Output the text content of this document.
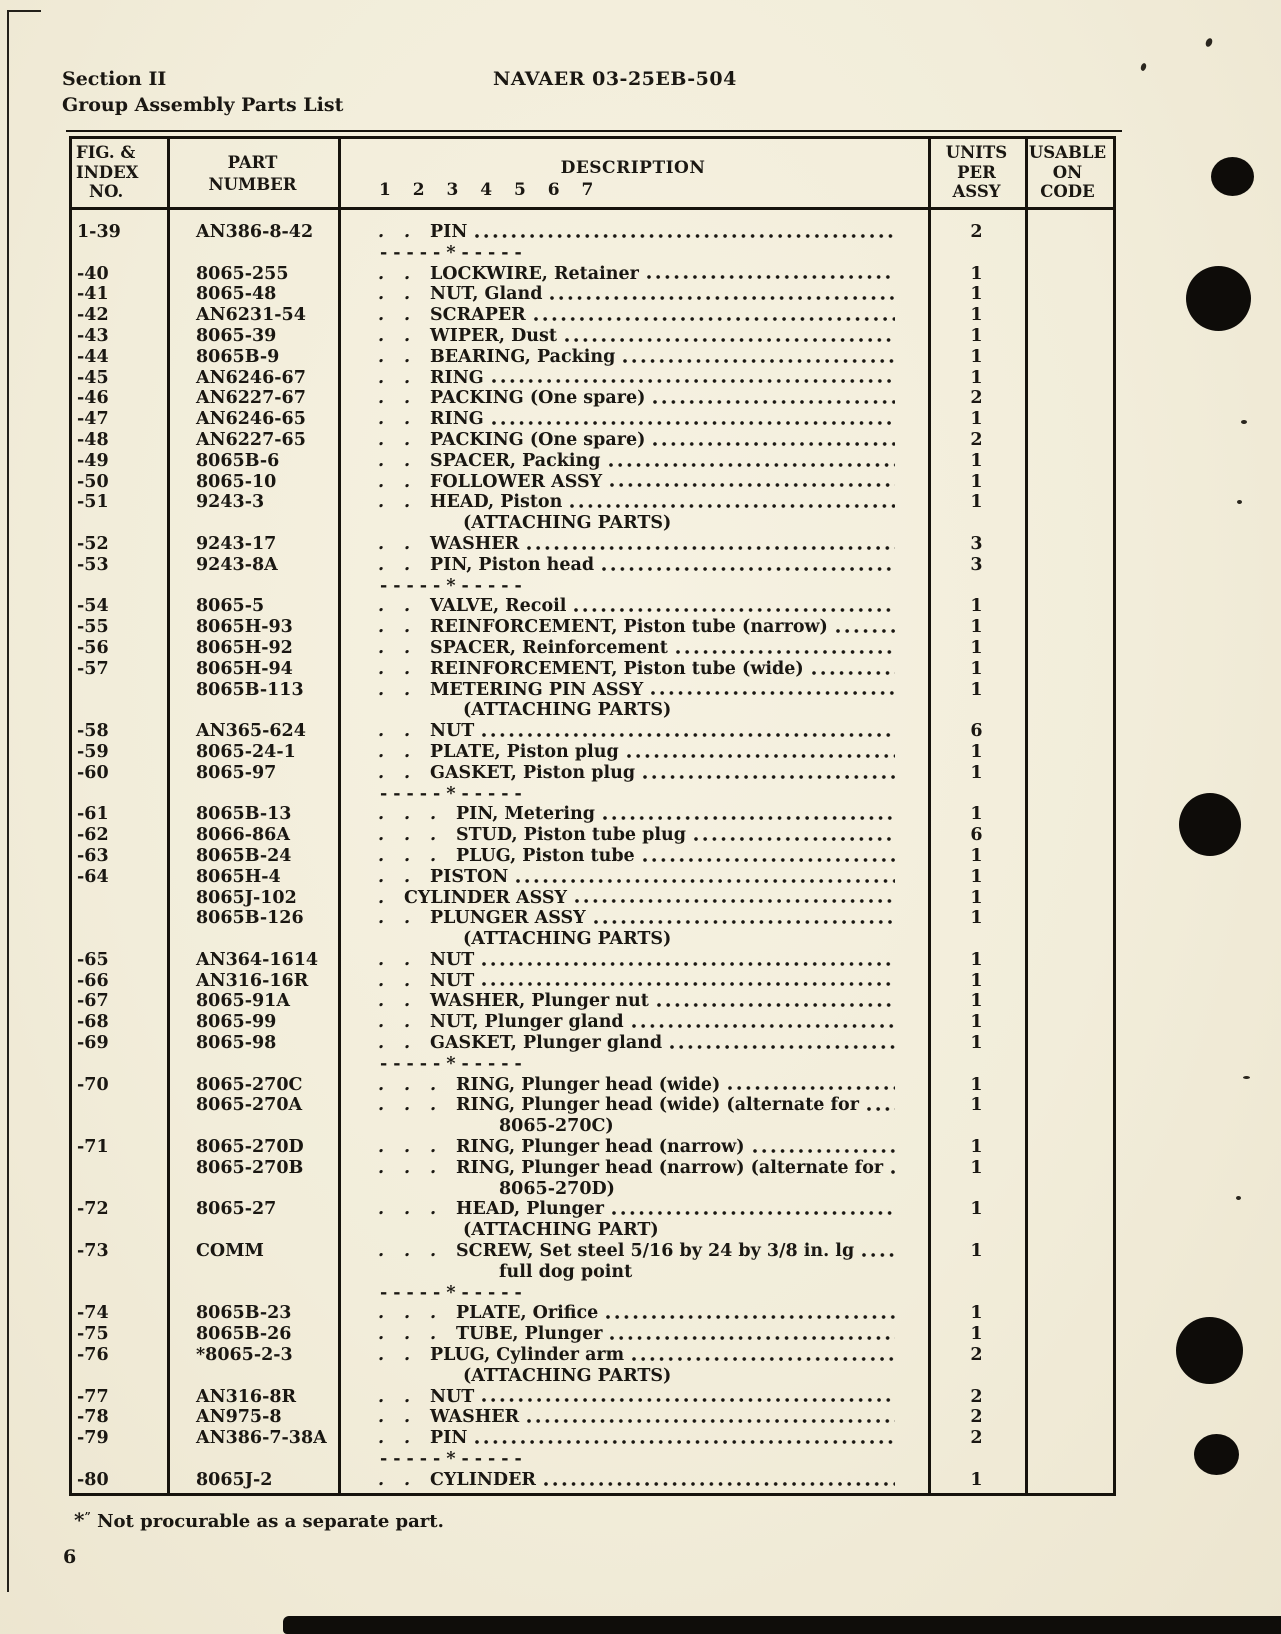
Section II
Group Assembly Parts List
NAVAER 03-25EB-504
FIG. &
INDEX
NO.
PART
NUMBER
DESCRIPTION
1 2 3 4 5 6 7
UNITS
PER
ASSY
USABLE
ON
CODE
1-39	AN386-8-42	. .	PIN	2
-----*-----
-40	8065-255	. .	LOCKWIRE, Retainer	1
-41	8065-48	. .	NUT, Gland	1
-42	AN6231-54	. .	SCRAPER	1
-43	8065-39	. .	WIPER, Dust	1
-44	8065B-9	. .	BEARING, Packing	1
-45	AN6246-67	. .	RING	1
-46	AN6227-67	. .	PACKING (One spare)	2
-47	AN6246-65	. .	RING	1
-48	AN6227-65	. .	PACKING (One spare)	2
-49	8065B-6	. .	SPACER, Packing	1
-50	8065-10	. .	FOLLOWER ASSY	1
-51	9243-3	. .	HEAD, Piston	1
(ATTACHING PARTS)
-52	9243-17	. .	WASHER	3
-53	9243-8A	. .	PIN, Piston head	3
-----*-----
-54	8065-5	. .	VALVE, Recoil	1
-55	8065H-93	. .	REINFORCEMENT, Piston tube (narrow)	1
-56	8065H-92	. .	SPACER, Reinforcement	1
-57	8065H-94	. .	REINFORCEMENT, Piston tube (wide)	1
8065B-113	. .	METERING PIN ASSY	1
(ATTACHING PARTS)
-58	AN365-624	. .	NUT	6
-59	8065-24-1	. .	PLATE, Piston plug	1
-60	8065-97	. .	GASKET, Piston plug	1
-----*-----
-61	8065B-13	. . .	PIN, Metering	1
-62	8066-86A	. . .	STUD, Piston tube plug	6
-63	8065B-24	. . .	PLUG, Piston tube	1
-64	8065H-4	. .	PISTON	1
8065J-102	.	CYLINDER ASSY	1
8065B-126	. .	PLUNGER ASSY	1
(ATTACHING PARTS)
-65	AN364-1614	. .	NUT	1
-66	AN316-16R	. .	NUT	1
-67	8065-91A	. .	WASHER, Plunger nut	1
-68	8065-99	. .	NUT, Plunger gland	1
-69	8065-98	. .	GASKET, Plunger gland	1
-----*-----
-70	8065-270C	. . .	RING, Plunger head (wide)	1
8065-270A	. . .	RING, Plunger head (wide) (alternate for	1
8065-270C)
-71	8065-270D	. . .	RING, Plunger head (narrow)	1
8065-270B	. . .	RING, Plunger head (narrow) (alternate for	1
8065-270D)
-72	8065-27	. . .	HEAD, Plunger	1
(ATTACHING PART)
-73	COMM	. . .	SCREW, Set steel 5/16 by 24 by 3/8 in. lg	1
full dog point
-----*-----
-74	8065B-23	. . .	PLATE, Orifice	1
-75	8065B-26	. . .	TUBE, Plunger	1
-76	*8065-2-3	. .	PLUG, Cylinder arm	2
(ATTACHING PARTS)
-77	AN316-8R	. .	NUT	2
-78	AN975-8	. .	WASHER	2
-79	AN386-7-38A	. .	PIN	2
-----*-----
-80	8065J-2	. .	CYLINDER	1
*” Not procurable as a separate part.
6
